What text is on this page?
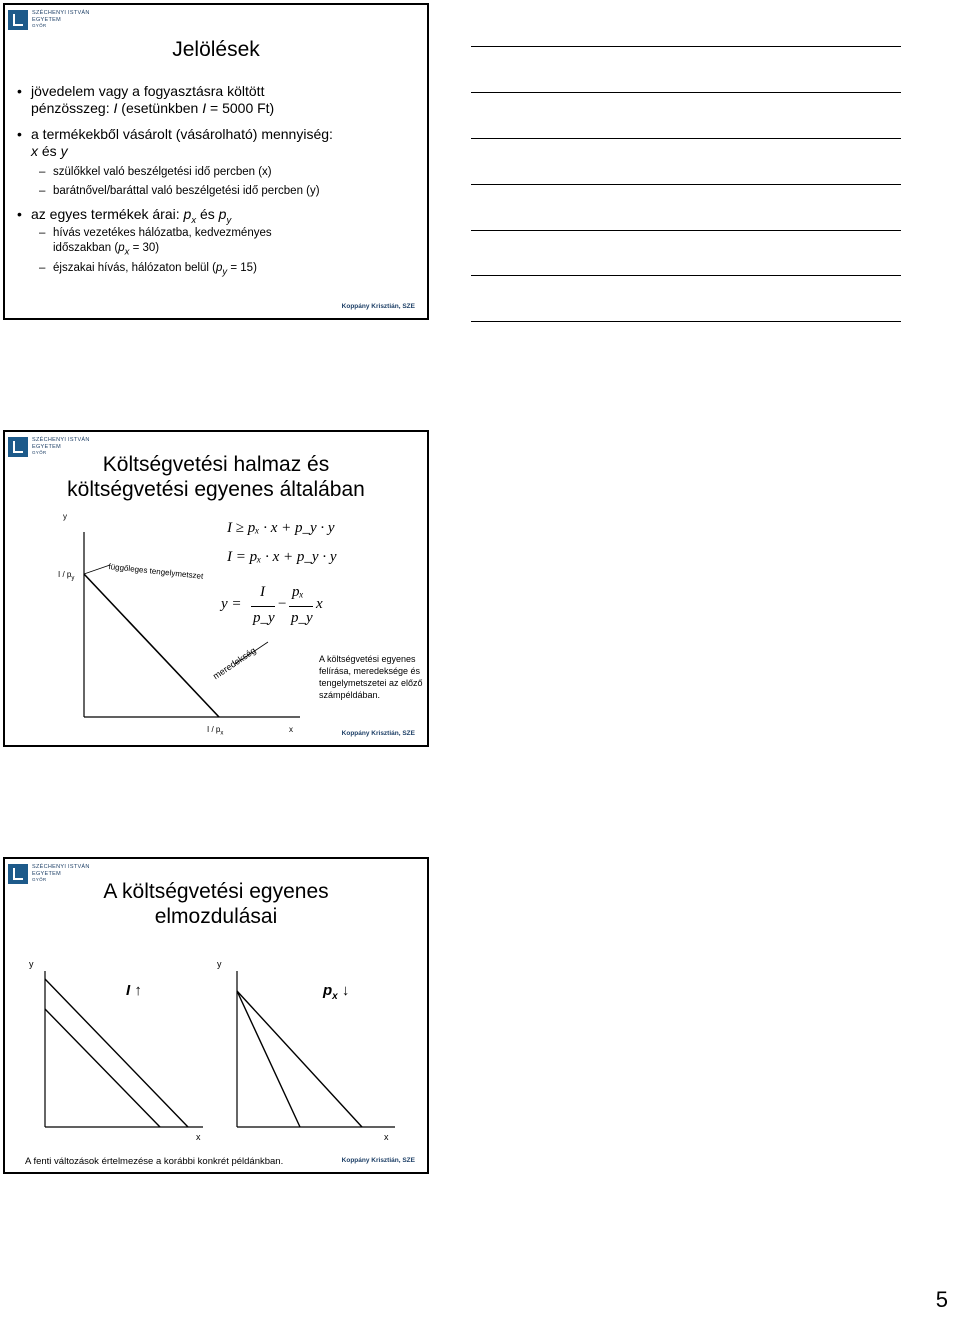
SZÉCHENYI ISTVÁN
EGYETEM
GYŐR
Jelölések
• jövedelem vagy a fogyasztásra költött
pénzösszeg: I (esetünkben I = 5000 Ft)
• a termékekből vásárolt (vásárolható) mennyiség:
x és y
– szülőkkel való beszélgetési idő percben (x)
– barátnővel/baráttal való beszélgetési idő percben (y)
• az egyes termékek árai: $p_x$ és $p_y$
– hívás vezetékes hálózatba, kedvezményes
időszakban $(p_x = 30)$
– éjszakai hívás, hálózaton belül $(p_y = 15)$
Koppány Krisztián, SZE
SZÉCHENYI ISTVÁN
EGYETEM
GYŐR
Költségvetési halmaz és
költségvetési egyenes általában
y
I / $p_y$	függőleges tengelymetszet
meredekség
I / $p_x$	x
I ≥ pₓ · x + p_y · y
I = pₓ · x + p_y · y
y =
I
p_y
−
pₓ
p_y
x
A költségvetési egyenes felírása, meredeksége és tengelymetszetei az előző számpéldában.
Koppány Krisztián, SZE
SZÉCHENYI ISTVÁN
EGYETEM
GYŐR
A költségvetési egyenes
elmozdulásai
y
x
I ↑
y
x
$p_x$ ↓
A fenti változások értelmezése a korábbi konkrét példánkban.	Koppány Krisztián, SZE
5
